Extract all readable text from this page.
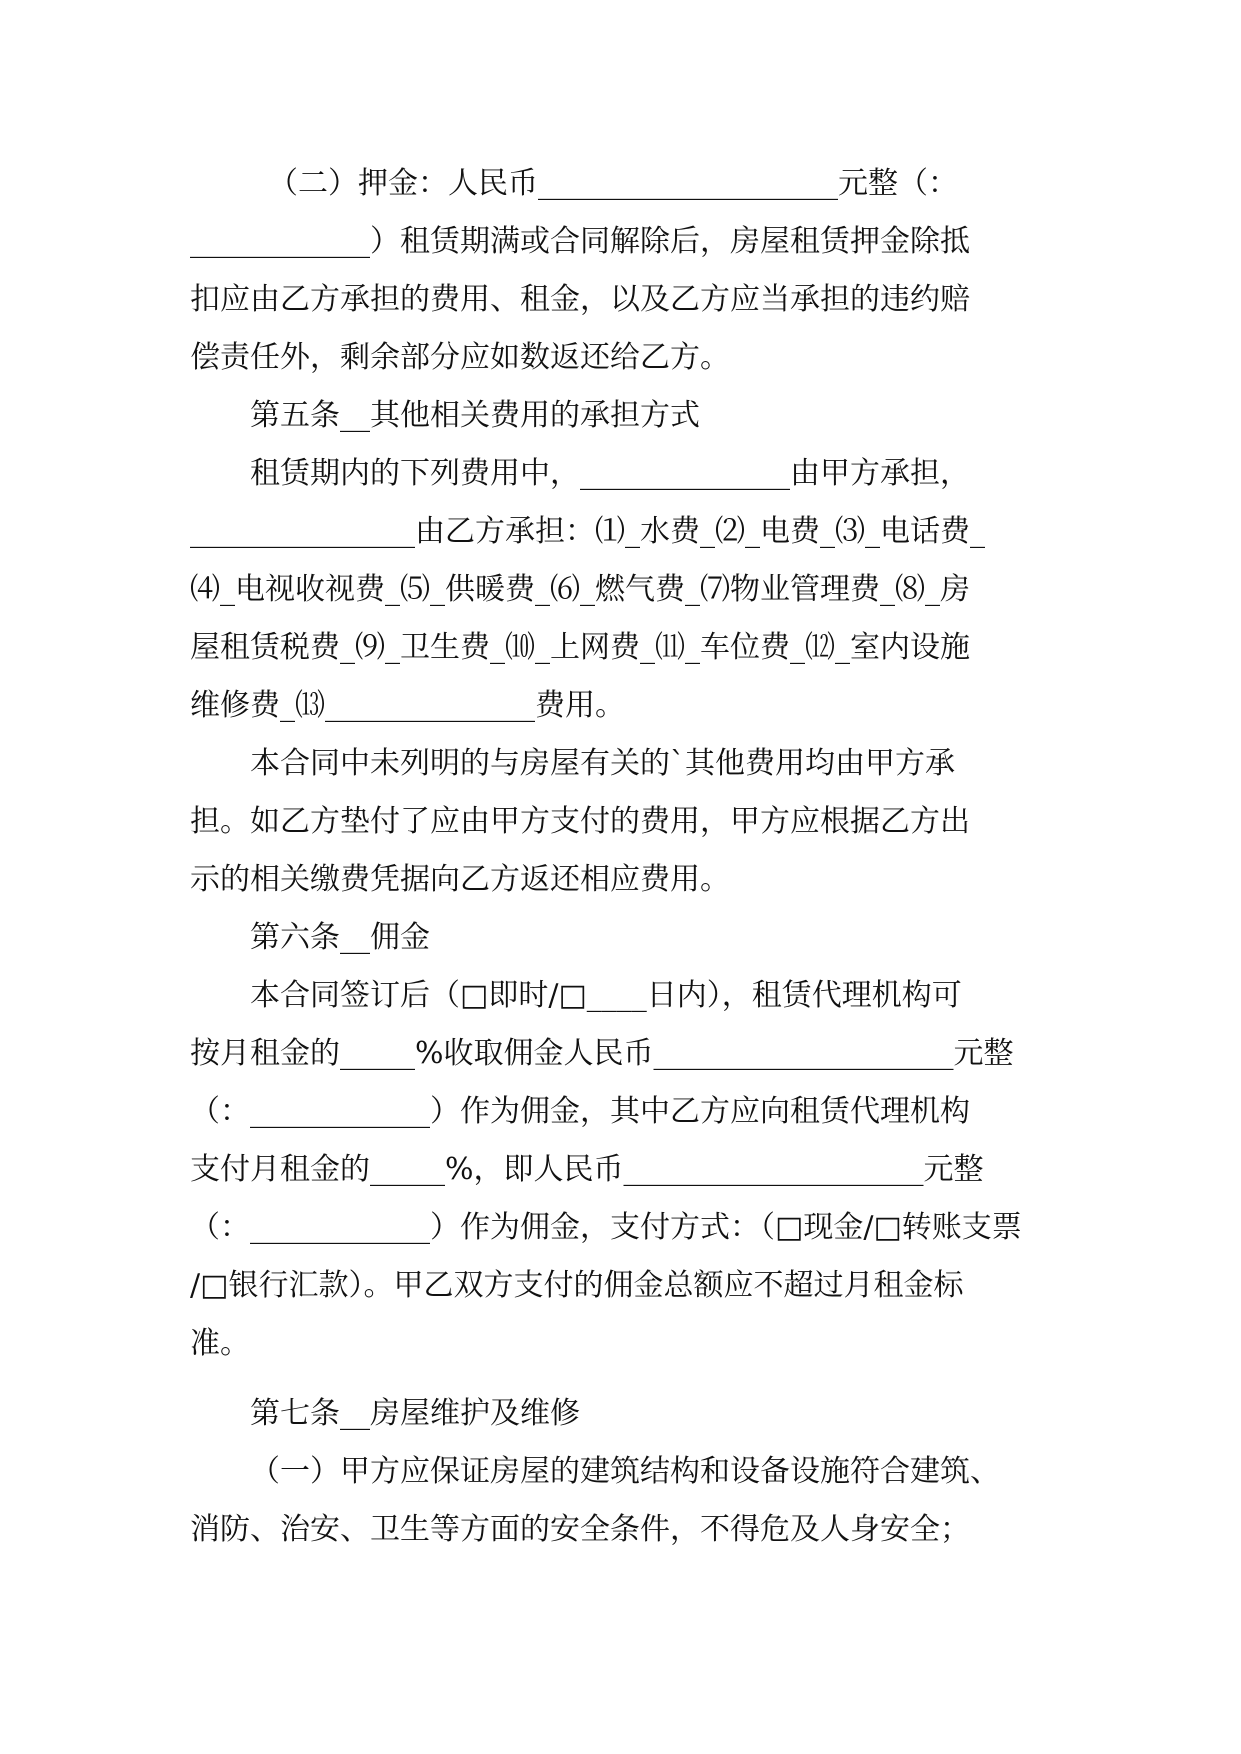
（二）押金：人民币____________________元整（：
____________）租赁期满或合同解除后，房屋租赁押金除抵
扣应由乙方承担的费用、租金，以及乙方应当承担的违约赔
偿责任外，剩余部分应如数返还给乙方。
第五条__其他相关费用的承担方式
租赁期内的下列费用中，______________由甲方承担，
_______________由乙方承担：⑴_水费_⑵_电费_⑶_电话费_
⑷_电视收视费_⑸_供暖费_⑹_燃气费_⑺物业管理费_⑻_房
屋租赁税费_⑼_卫生费_⑽_上网费_⑾_车位费_⑿_室内设施
维修费_⒀______________费用。
本合同中未列明的与房屋有关的`其他费用均由甲方承
担。如乙方垫付了应由甲方支付的费用，甲方应根据乙方出
示的相关缴费凭据向乙方返还相应费用。
第六条__佣金
本合同签订后（□即时/□____日内），租赁代理机构可
按月租金的_____%收取佣金人民币____________________元整
（：____________）作为佣金，其中乙方应向租赁代理机构
支付月租金的_____%，即人民币____________________元整
（：____________）作为佣金，支付方式：（□现金/□转账支票
/□银行汇款）。甲乙双方支付的佣金总额应不超过月租金标
准。
第七条__房屋维护及维修
（一）甲方应保证房屋的建筑结构和设备设施符合建筑、
消防、治安、卫生等方面的安全条件，不得危及人身安全；
